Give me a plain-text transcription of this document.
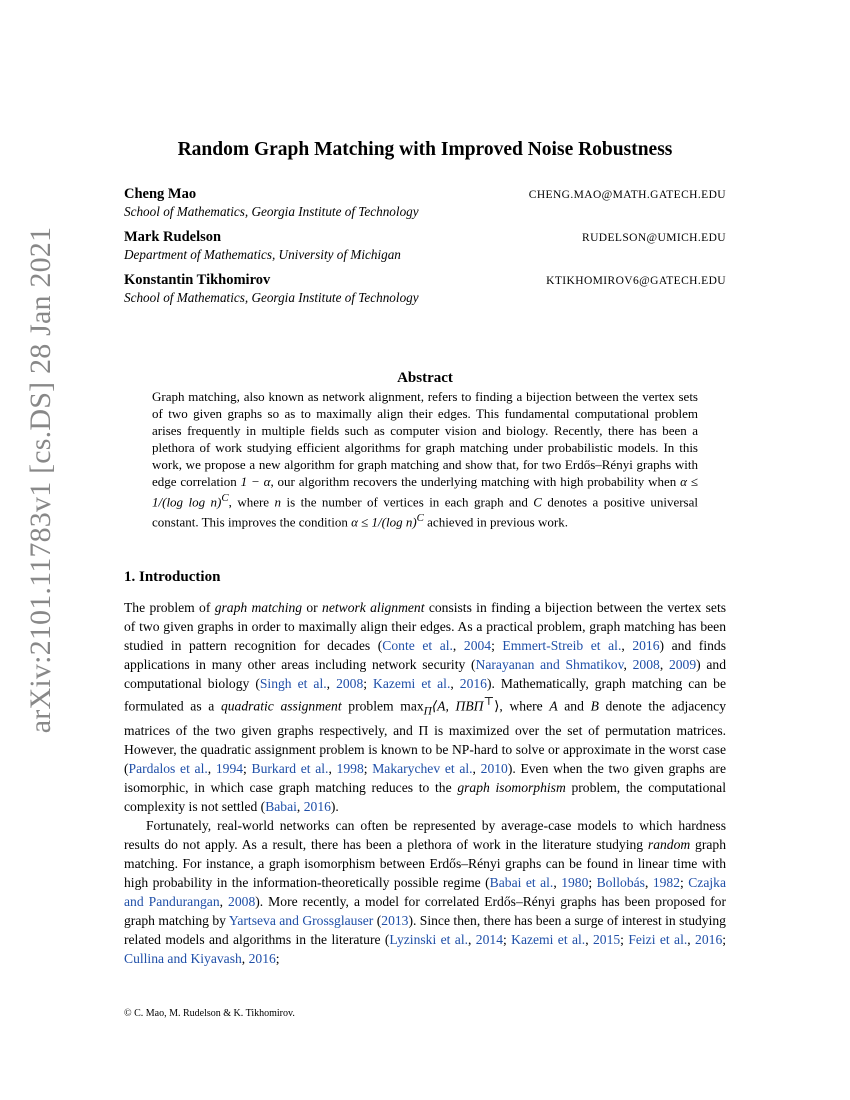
arXiv:2101.11783v1 [cs.DS] 28 Jan 2021
Random Graph Matching with Improved Noise Robustness
Cheng Mao	CHENG.MAO@MATH.GATECH.EDU
School of Mathematics, Georgia Institute of Technology
Mark Rudelson	RUDELSON@UMICH.EDU
Department of Mathematics, University of Michigan
Konstantin Tikhomirov	KTIKHOMIROV6@GATECH.EDU
School of Mathematics, Georgia Institute of Technology
Abstract
Graph matching, also known as network alignment, refers to finding a bijection between the vertex sets of two given graphs so as to maximally align their edges. This fundamental computational problem arises frequently in multiple fields such as computer vision and biology. Recently, there has been a plethora of work studying efficient algorithms for graph matching under probabilistic models. In this work, we propose a new algorithm for graph matching and show that, for two Erdős–Rényi graphs with edge correlation 1 − α, our algorithm recovers the underlying matching with high probability when α ≤ 1/(log log n)$^C$, where n is the number of vertices in each graph and C denotes a positive universal constant. This improves the condition α ≤ 1/(log n)$^C$ achieved in previous work.
1. Introduction

The problem of graph matching or network alignment consists in finding a bijection between the vertex sets of two given graphs in order to maximally align their edges. As a practical problem, graph matching has been studied in pattern recognition for decades (Conte et al., 2004; Emmert-Streib et al., 2016) and finds applications in many other areas including network security (Narayanan and Shmatikov, 2008, 2009) and computational biology (Singh et al., 2008; Kazemi et al., 2016). Mathematically, graph matching can be formulated as a quadratic assignment problem $\max_\Pi⟨A$, ΠBΠ⊤⟩, where A and B denote the adjacency matrices of the two given graphs respectively, and Π is maximized over the set of permutation matrices. However, the quadratic assignment problem is known to be NP-hard to solve or approximate in the worst case (Pardalos et al., 1994; Burkard et al., 1998; Makarychev et al., 2010). Even when the two given graphs are isomorphic, in which case graph matching reduces to the graph isomorphism problem, the computational complexity is not settled (Babai, 2016).

Fortunately, real-world networks can often be represented by average-case models to which hardness results do not apply. As a result, there has been a plethora of work in the literature studying random graph matching. For instance, a graph isomorphism between Erdős–Rényi graphs can be found in linear time with high probability in the information-theoretically possible regime (Babai et al., 1980; Bollobás, 1982; Czajka and Pandurangan, 2008). More recently, a model for correlated Erdős–Rényi graphs has been proposed for graph matching by Yartseva and Grossglauser (2013). Since then, there has been a surge of interest in studying related models and algorithms in the literature (Lyzinski et al., 2014; Kazemi et al., 2015; Feizi et al., 2016; Cullina and Kiyavash, 2016;

© C. Mao, M. Rudelson & K. Tikhomirov.
